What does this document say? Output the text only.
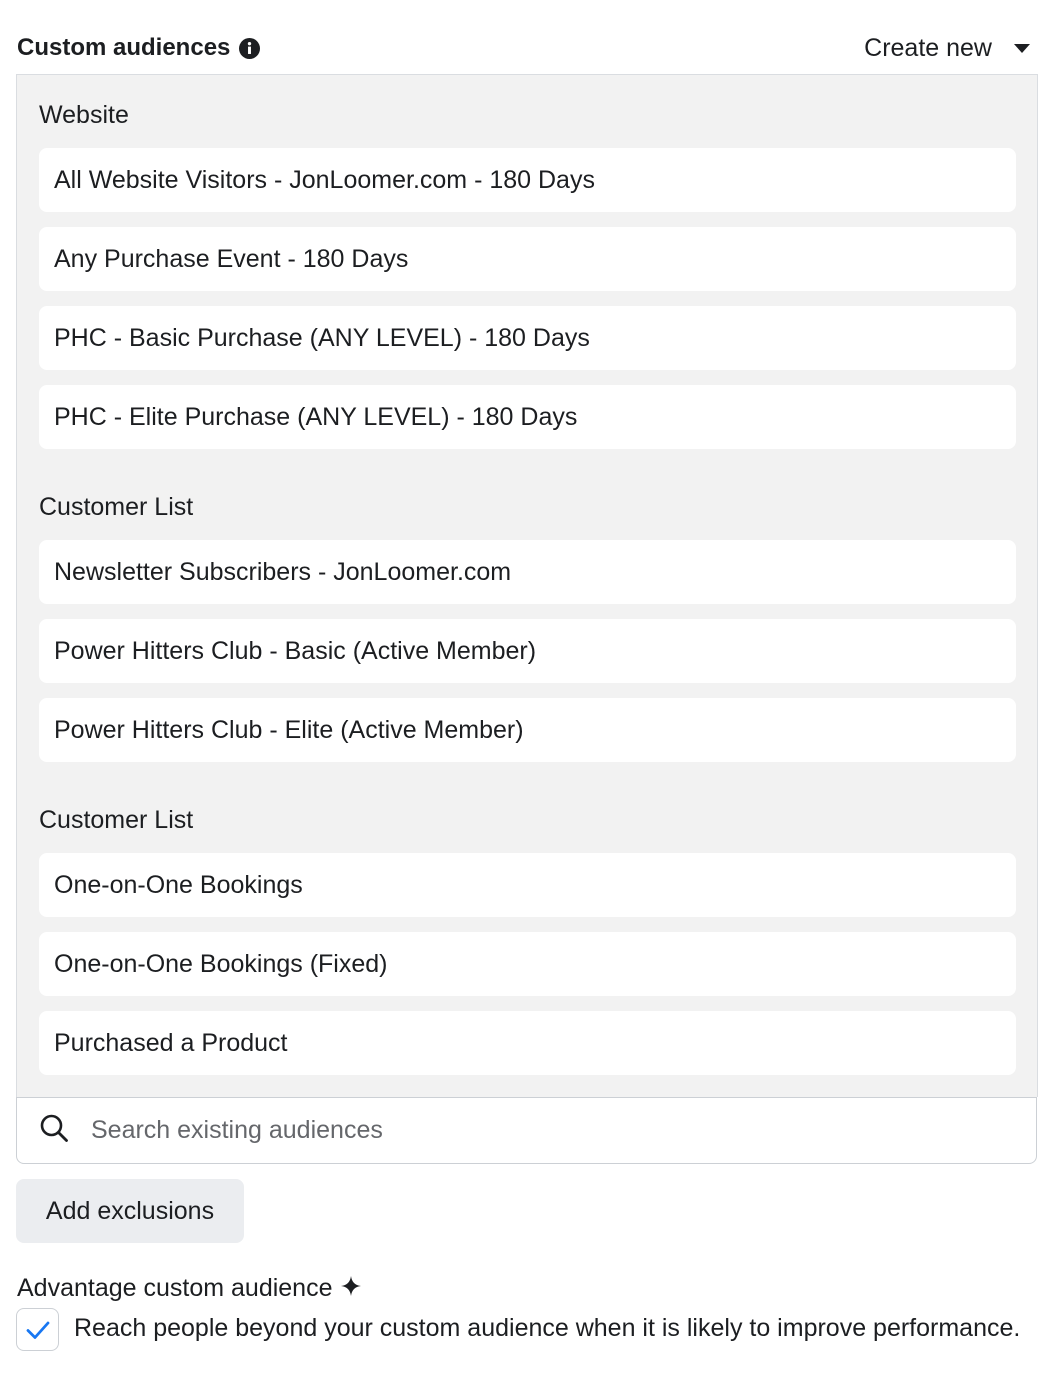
Custom audiences	Create new
Website
All Website Visitors - JonLoomer.com - 180 Days
Any Purchase Event - 180 Days
PHC - Basic Purchase (ANY LEVEL) - 180 Days
PHC - Elite Purchase (ANY LEVEL) - 180 Days
Customer List
Newsletter Subscribers - JonLoomer.com
Power Hitters Club - Basic (Active Member)
Power Hitters Club - Elite (Active Member)
Customer List
One-on-One Bookings
One-on-One Bookings (Fixed)
Purchased a Product
Search existing audiences
Add exclusions
Advantage custom audience
Reach people beyond your custom audience when it is likely to improve performance.
